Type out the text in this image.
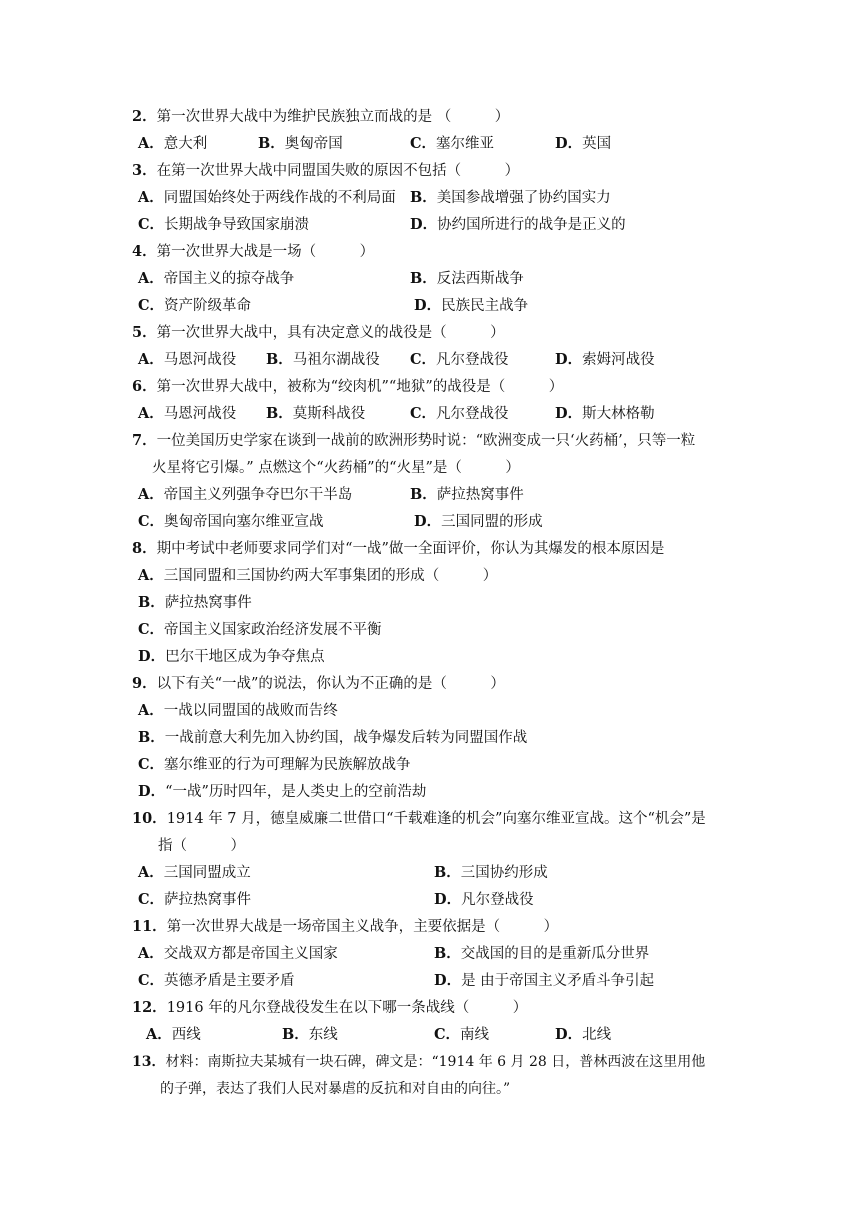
2．第一次世界大战中为维护民族独立而战的是 （　　　）
A．意大利	B．奥匈帝国	C．塞尔维亚	D．英国
3．在第一次世界大战中同盟国失败的原因不包括（　　　）
A．同盟国始终处于两线作战的不利局面 B．美国参战增强了协约国实力
C．长期战争导致国家崩溃	D．协约国所进行的战争是正义的
4．第一次世界大战是一场（　　　）
A．帝国主义的掠夺战争	B．反法西斯战争
C．资产阶级革命	D．民族民主战争
5．第一次世界大战中，具有决定意义的战役是（　　　）
A．马恩河战役 B．马祖尔湖战役 C．凡尔登战役	D．索姆河战役
6．第一次世界大战中，被称为“绞肉机”“地狱”的战役是（　　　）
A．马恩河战役 B．莫斯科战役	C．凡尔登战役	D．斯大林格勒
7．一位美国历史学家在谈到一战前的欧洲形势时说：“欧洲变成一只‘火药桶’，只等一粒
火星将它引爆。” 点燃这个“火药桶”的“火星”是（　　　）
A．帝国主义列强争夺巴尔干半岛	B．萨拉热窝事件
C．奥匈帝国向塞尔维亚宣战	D．三国同盟的形成
8．期中考试中老师要求同学们对“一战”做一全面评价，你认为其爆发的根本原因是
A．三国同盟和三国协约两大军事集团的形成（　　　）
B．萨拉热窝事件
C．帝国主义国家政治经济发展不平衡
D．巴尔干地区成为争夺焦点
9．以下有关“一战”的说法，你认为不正确的是（　　　）
A．一战以同盟国的战败而告终
B．一战前意大利先加入协约国，战争爆发后转为同盟国作战
C．塞尔维亚的行为可理解为民族解放战争
D．“一战”历时四年，是人类史上的空前浩劫
10．1914 年 7 月，德皇威廉二世借口“千载难逢的机会”向塞尔维亚宣战。这个“机会”是
指（　　　）
A．三国同盟成立	B．三国协约形成
C．萨拉热窝事件	D．凡尔登战役
11．第一次世界大战是一场帝国主义战争，主要依据是（　　　）
A．交战双方都是帝国主义国家	B．交战国的目的是重新瓜分世界
C．英德矛盾是主要矛盾	D．是 由于帝国主义矛盾斗争引起
12．1916 年的凡尔登战役发生在以下哪一条战线（　　　）
A．西线	B．东线	C．南线	D．北线
13．材料：南斯拉夫某城有一块石碑，碑文是：“1914 年 6 月 28 日，普林西波在这里用他
的子弹，表达了我们人民对暴虐的反抗和对自由的向往。”
